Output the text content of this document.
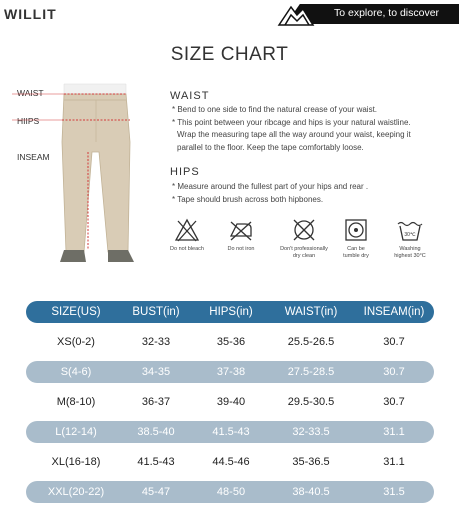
WILLIT	To explore, to discover
SIZE CHART
WAIST
HIIPS
INSEAM
WAIST
* Bend to one side to find the natural crease of your waist.
* This point between your ribcage and hips is your natural waistline.
Wrap the measuring tape all the way around your waist, keeping it
parallel to the floor. Keep the tape comfortably loose.
HIPS
* Measure around the fullest part of your hips and rear .
* Tape should brush across both hipbones.
Do not bleach	Do not iron	Don't professionally
dry clean
Can be
tumble dry
30℃
Washing
highest 30°C
SIZE(US)	BUST(in)	HIPS(in)	WAIST(in)	INSEAM(in)
XS(0-2)	32-33	35-36	25.5-26.5	30.7
S(4-6)	34-35	37-38	27.5-28.5	30.7
M(8-10)	36-37	39-40	29.5-30.5	30.7
L(12-14)	38.5-40	41.5-43	32-33.5	31.1
XL(16-18)	41.5-43	44.5-46	35-36.5	31.1
XXL(20-22)	45-47	48-50	38-40.5	31.5
